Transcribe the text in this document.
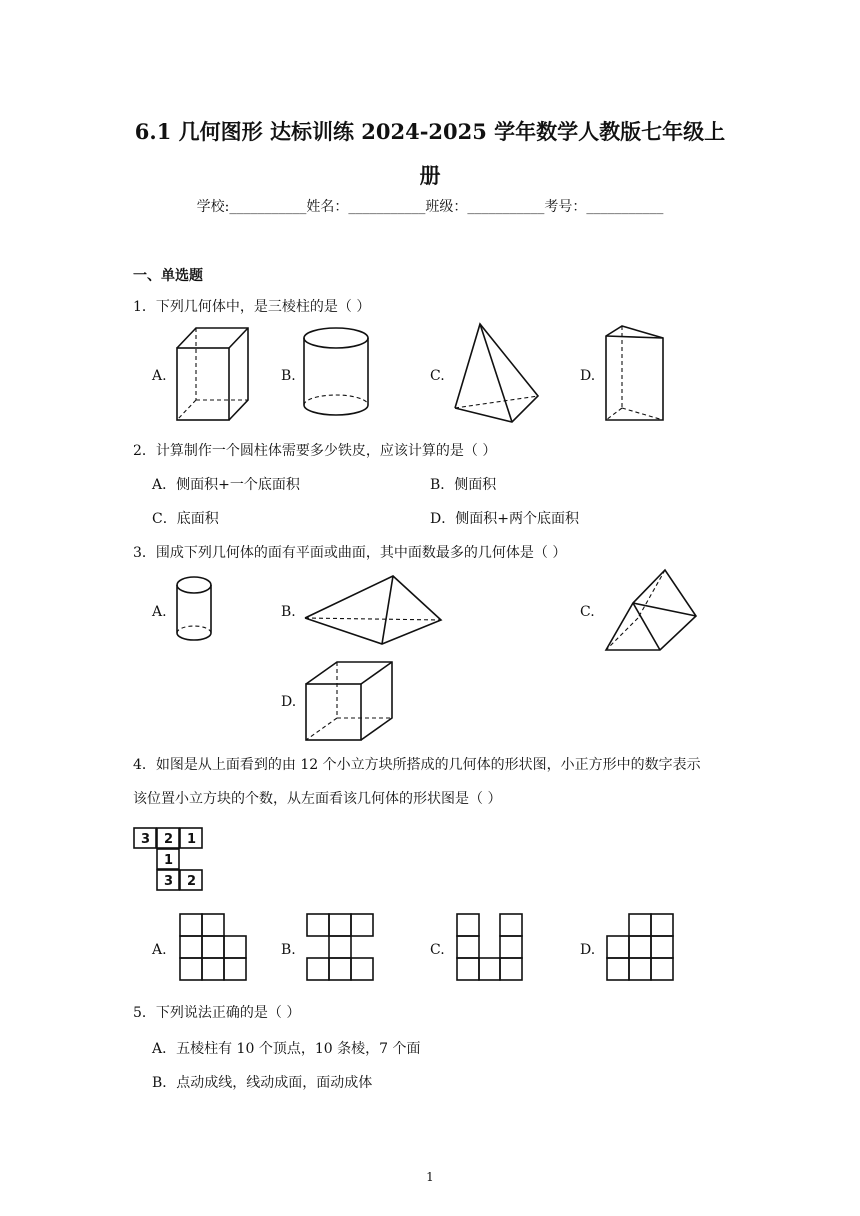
6.1 几何图形 达标训练 2024-2025 学年数学人教版七年级上
册
学校:___________姓名：___________班级：___________考号：___________
一、单选题
1．下列几何体中，是三棱柱的是（ ）
A.	B.	C.	D.
2．计算制作一个圆柱体需要多少铁皮，应该计算的是（ ）
A．侧面积+一个底面积	B．侧面积
C．底面积	D．侧面积+两个底面积
3．围成下列几何体的面有平面或曲面，其中面数最多的几何体是（ ）
A.	B.	C.
D.
4．如图是从上面看到的由 12 个小立方块所搭成的几何体的形状图，小正方形中的数字表示
该位置小立方块的个数，从左面看该几何体的形状图是（ ）
3 2 1
1
3 2
A.	B.	C.	D.
5．下列说法正确的是（ ）
A．五棱柱有 10 个顶点，10 条棱，7 个面
B．点动成线，线动成面，面动成体
1
